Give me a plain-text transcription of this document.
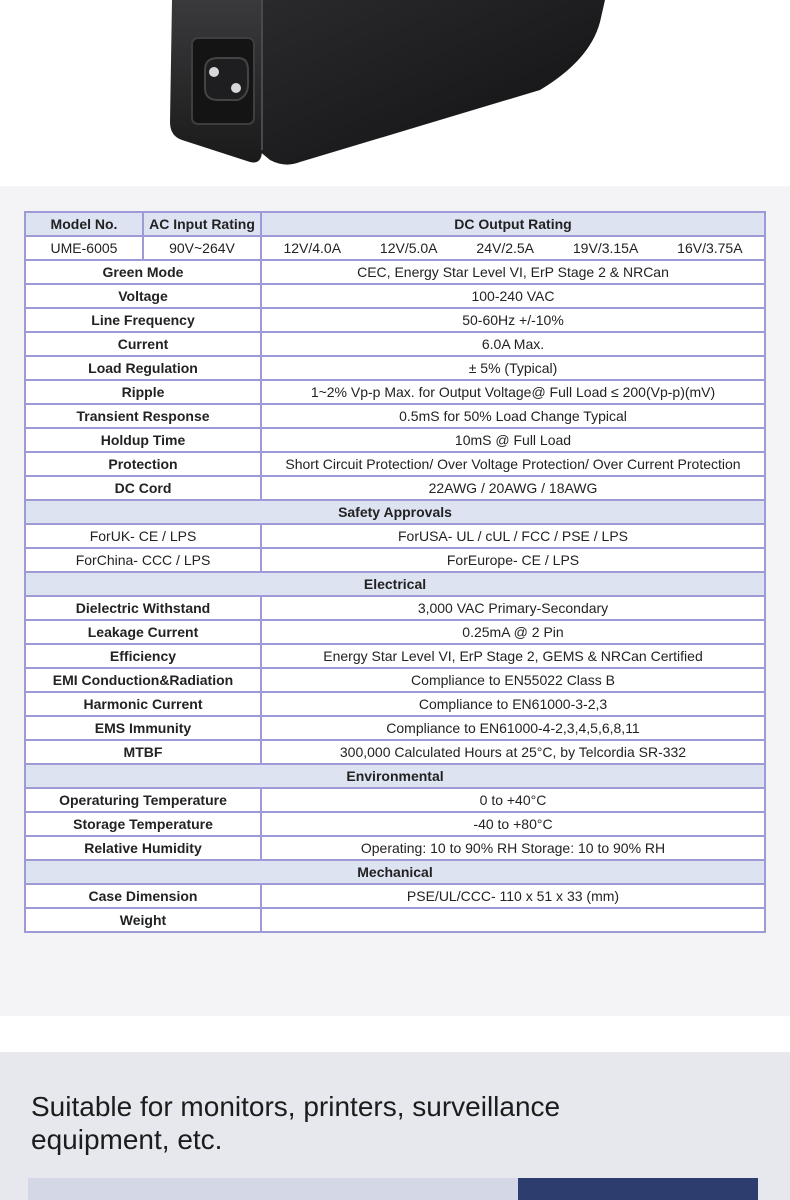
Model No.	AC Input Rating	DC Output Rating
UME-6005	90V~264V	12V/4.0A 12V/5.0A 24V/2.5A 19V/3.15A 16V/3.75A

Green Mode		CEC, Energy Star Level VI, ErP Stage 2 & NRCan
Voltage		100-240 VAC
Line Frequency		50-60Hz +/-10%
Current		6.0A Max.
Load Regulation		± 5% (Typical)
Ripple		1~2% Vp-p Max. for Output Voltage@ Full Load ≤ 200(Vp-p)(mV)
Transient Response		0.5mS for 50% Load Change Typical
Holdup Time		10mS @ Full Load
Protection		Short Circuit Protection/ Over Voltage Protection/ Over Current Protection
DC Cord		22AWG / 20AWG / 18AWG
Safety Approvals		
ForUK- CE / LPS		ForUSA- UL / cUL / FCC / PSE / LPS
ForChina- CCC / LPS		ForEurope- CE / LPS
Electrical		
Dielectric Withstand		3,000 VAC Primary-Secondary
Leakage Current		0.25mA @ 2 Pin
Efficiency		Energy Star Level VI, ErP Stage 2, GEMS & NRCan Certified
EMI Conduction&Radiation		Compliance to EN55022 Class B
Harmonic Current		Compliance to EN61000-3-2,3
EMS Immunity		Compliance to EN61000-4-2,3,4,5,6,8,11
MTBF		300,000 Calculated Hours at 25°C, by Telcordia SR-332
Environmental		
Operaturing Temperature		0 to +40°C
Storage Temperature		-40 to +80°C
Relative Humidity		Operating: 10 to 90% RH Storage: 10 to 90% RH
Mechanical		
Case Dimension		PSE/UL/CCC- 110 x 51 x 33 (mm)
Weight		
Suitable for monitors, printers, surveillance equipment, etc.
